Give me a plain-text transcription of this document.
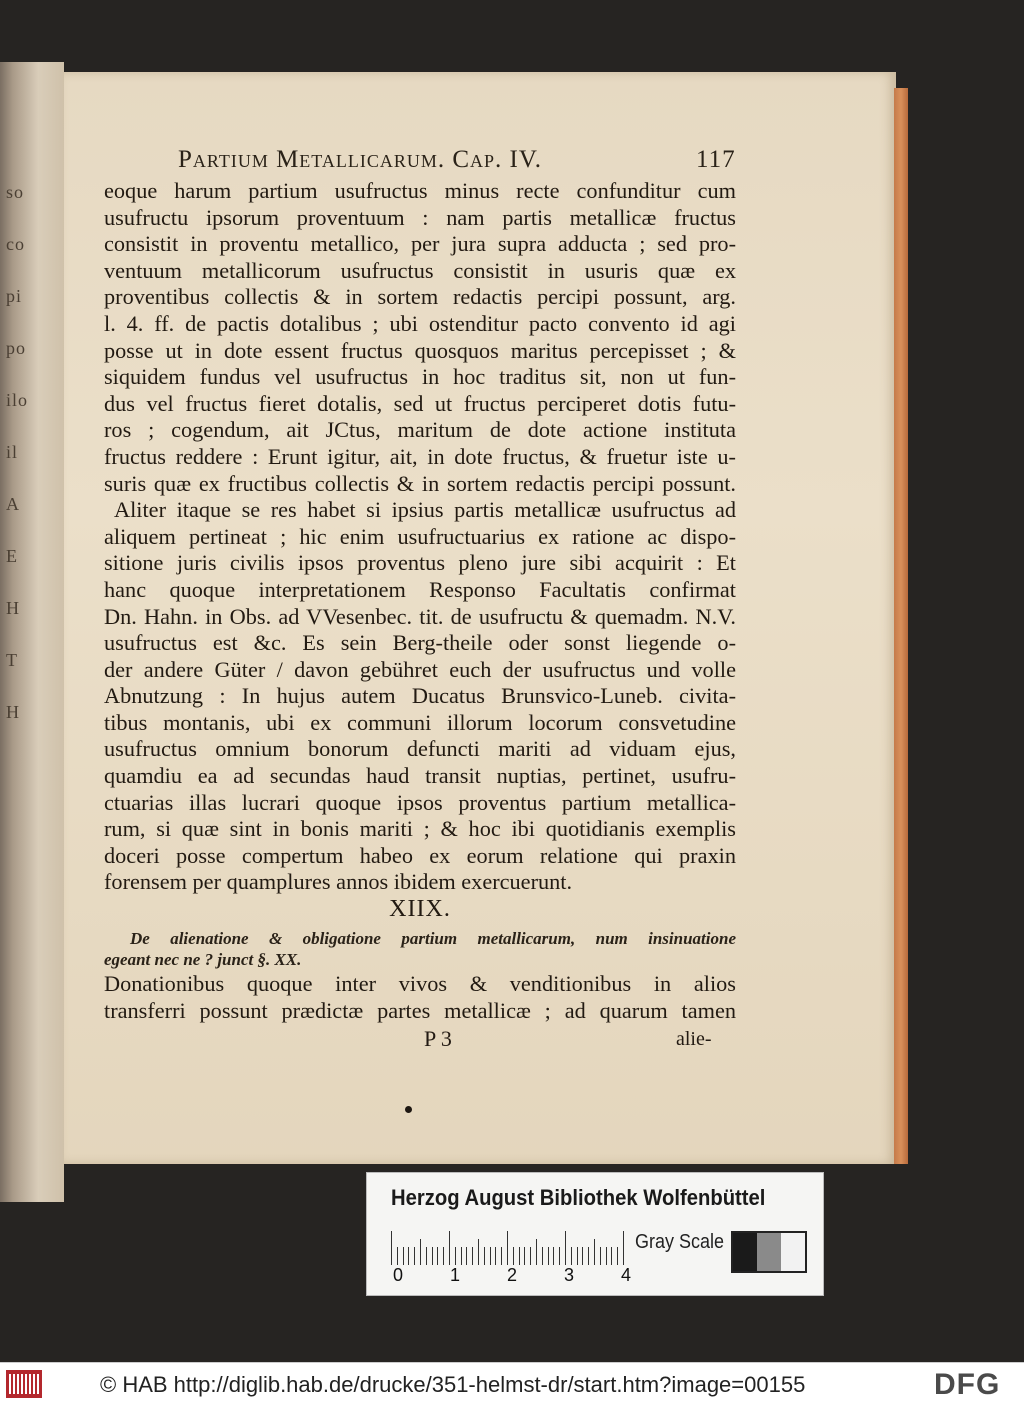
so
co
pi
po
ilo
il
A
E
H
T
H
Partium Metallicarum. Cap. IV.	117
eoque harum partium usufructus minus recte confunditur cum
usufructu ipsorum proventuum : nam partis metallicæ fructus
consistit in proventu metallico, per jura supra adducta ; sed pro-
ventuum metallicorum usufructus consistit in usuris quæ ex
proventibus collectis & in sortem redactis percipi possunt, arg.
l. 4. ff. de pactis dotalibus ; ubi ostenditur pacto convento id agi
posse ut in dote essent fructus quosquos maritus percepisset ; &
siquidem fundus vel usufructus in hoc traditus sit, non ut fun-
dus vel fructus fieret dotalis, sed ut fructus perciperet dotis futu-
ros ; cogendum, ait JCtus, maritum de dote actione instituta
fructus reddere : Erunt igitur, ait, in dote fructus, & fruetur iste u-
suris quæ ex fructibus collectis & in sortem redactis percipi possunt.
Aliter itaque se res habet si ipsius partis metallicæ usufructus ad
aliquem pertineat ; hic enim usufructuarius ex ratione ac dispo-
sitione juris civilis ipsos proventus pleno jure sibi acquirit : Et
hanc quoque interpretationem Responso Facultatis confirmat
Dn. Hahn. in Obs. ad VVesenbec. tit. de usufructu & quemadm. N.V.
usufructus est &c. Es sein Berg-theile oder sonst liegende o-
der andere Güter / davon gebühret euch der usufructus und volle
Abnutzung : In hujus autem Ducatus Brunsvico-Luneb. civita-
tibus montanis, ubi ex communi illorum locorum consvetudine
usufructus omnium bonorum defuncti mariti ad viduam ejus,
quamdiu ea ad secundas haud transit nuptias, pertinet, usufru-
ctuarias illas lucrari quoque ipsos proventus partium metallica-
rum, si quæ sint in bonis mariti ; & hoc ibi quotidianis exemplis
doceri posse compertum habeo ex eorum relatione qui praxin
forensem per quamplures annos ibidem exercuerunt.
XIIX.
De alienatione & obligatione partium metallicarum, num insinuatione
egeant nec ne ? junct §. XX.
Donationibus quoque inter vivos & venditionibus in alios
transferri possunt prædictæ partes metallicæ ; ad quarum tamen
P 3	alie-
Herzog August Bibliothek Wolfenbüttel
0	1	2	3	4
Gray Scale
© HAB http://diglib.hab.de/drucke/351-helmst-dr/start.htm?image=00155	DFG
